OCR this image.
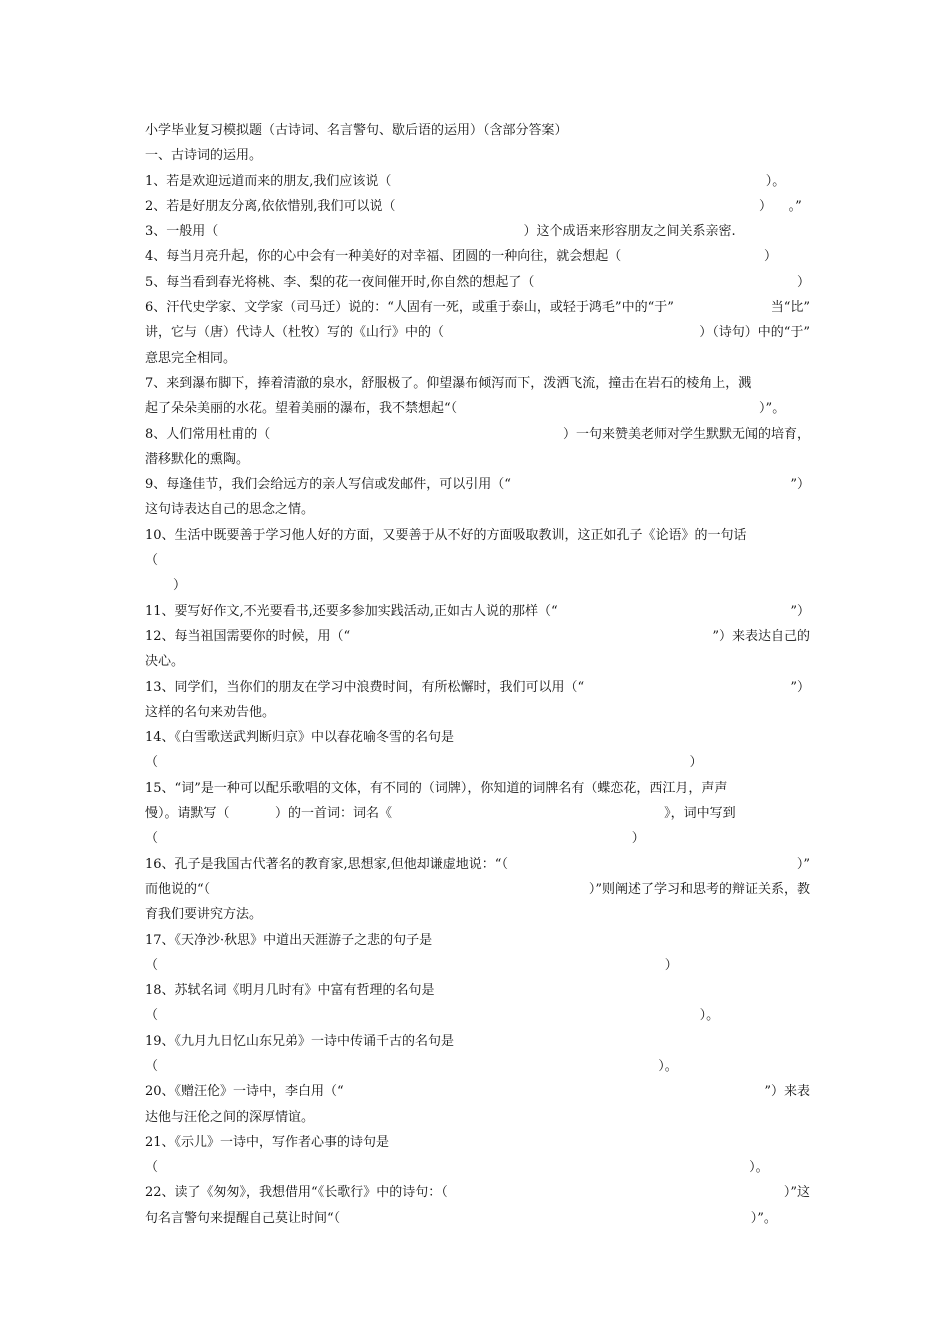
小学毕业复习模拟题（古诗词、名言警句、歇后语的运用）（含部分答案）
一、古诗词的运用。
1、若是欢迎远道而来的朋友,我们应该说（	）。
2、若是好朋友分离,依依惜别,我们可以说（	）    。”
3、一般用（	）这个成语来形容朋友之间关系亲密.
4、每当月亮升起，你的心中会有一种美好的对幸福、团圆的一种向往，就会想起（	）
5、每当看到春光将桃、李、梨的花一夜间催开时,你自然的想起了（	）
6、汗代史学家、文学家（司马迁）说的：“人固有一死，或重于泰山，或轻于鸿毛”中的“于”	当“比”
讲，它与（唐）代诗人（杜牧）写的《山行》中的（	）（诗句）中的“于”
意思完全相同。
7、来到瀑布脚下，捧着清澈的泉水，舒服极了。仰望瀑布倾泻而下，泼洒飞流，撞击在岩石的棱角上，溅
起了朵朵美丽的水花。望着美丽的瀑布，我不禁想起“（	）”。
8、人们常用杜甫的（	）一句来赞美老师对学生默默无闻的培育，
潜移默化的熏陶。
9、每逢佳节，我们会给远方的亲人写信或发邮件，可以引用（“	”）
这句诗表达自己的思念之情。
10、生活中既要善于学习他人好的方面，又要善于从不好的方面吸取教训，这正如孔子《论语》的一句话
（
）
11、要写好作文,不光要看书,还要多参加实践活动,正如古人说的那样（“	”）
12、每当祖国需要你的时候，用（“	”）来表达自己的
决心。
13、同学们，当你们的朋友在学习中浪费时间，有所松懈时，我们可以用（“	”）
这样的名句来劝告他。
14、《白雪歌送武判断归京》中以春花喻冬雪的名句是
（	）
15、“词”是一种可以配乐歌唱的文体，有不同的（词牌），你知道的词牌名有（蝶恋花，西江月，声声
慢）。请默写（           ）的一首词：词名《	》，词中写到
（	）
16、孔子是我国古代著名的教育家,思想家,但他却谦虚地说：“（	）”
而他说的“（	）”则阐述了学习和思考的辩证关系，教
育我们要讲究方法。
17、《天净沙·秋思》中道出天涯游子之悲的句子是
（	）
18、苏轼名词《明月几时有》中富有哲理的名句是
（	）。
19、《九月九日忆山东兄弟》一诗中传诵千古的名句是
（	）。
20、《赠汪伦》一诗中，李白用（“	”）来表
达他与汪伦之间的深厚情谊。
21、《示儿》一诗中，写作者心事的诗句是
（	）。
22、读了《匆匆》，我想借用“《长歌行》中的诗句：（	）”这
句名言警句来提醒自己莫让时间“（	）”。
